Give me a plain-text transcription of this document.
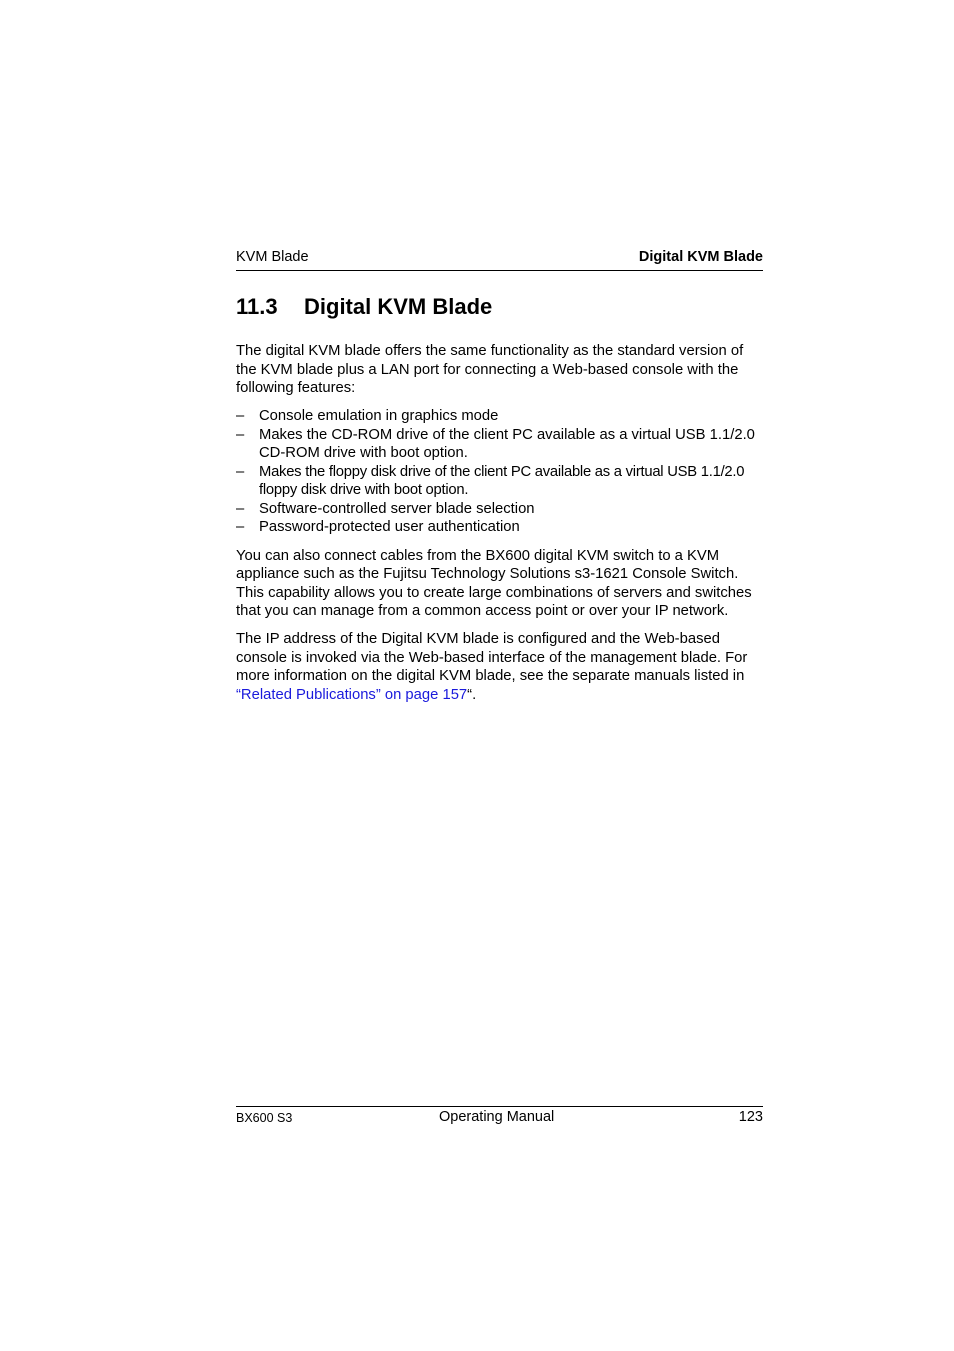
KVM Blade	Digital KVM Blade
11.3 Digital KVM Blade

The digital KVM blade offers the same functionality as the standard version of the KVM blade plus a LAN port for connecting a Web-based console with the following features:

– Console emulation in graphics mode
– Makes the CD-ROM drive of the client PC available as a virtual USB 1.1/2.0 CD-ROM drive with boot option.
– Makes the floppy disk drive of the client PC available as a virtual USB 1.1/2.0 floppy disk drive with boot option.
– Software-controlled server blade selection
– Password-protected user authentication

You can also connect cables from the BX600 digital KVM switch to a KVM appliance such as the Fujitsu Technology Solutions s3-1621 Console Switch. This capability allows you to create large combinations of servers and switches that you can manage from a common access point or over your IP network.

The IP address of the Digital KVM blade is configured and the Web-based console is invoked via the Web-based interface of the management blade. For more information on the digital KVM blade, see the separate manuals listed in “Related Publications” on page 157“.

BX600 S3	Operating Manual	123
